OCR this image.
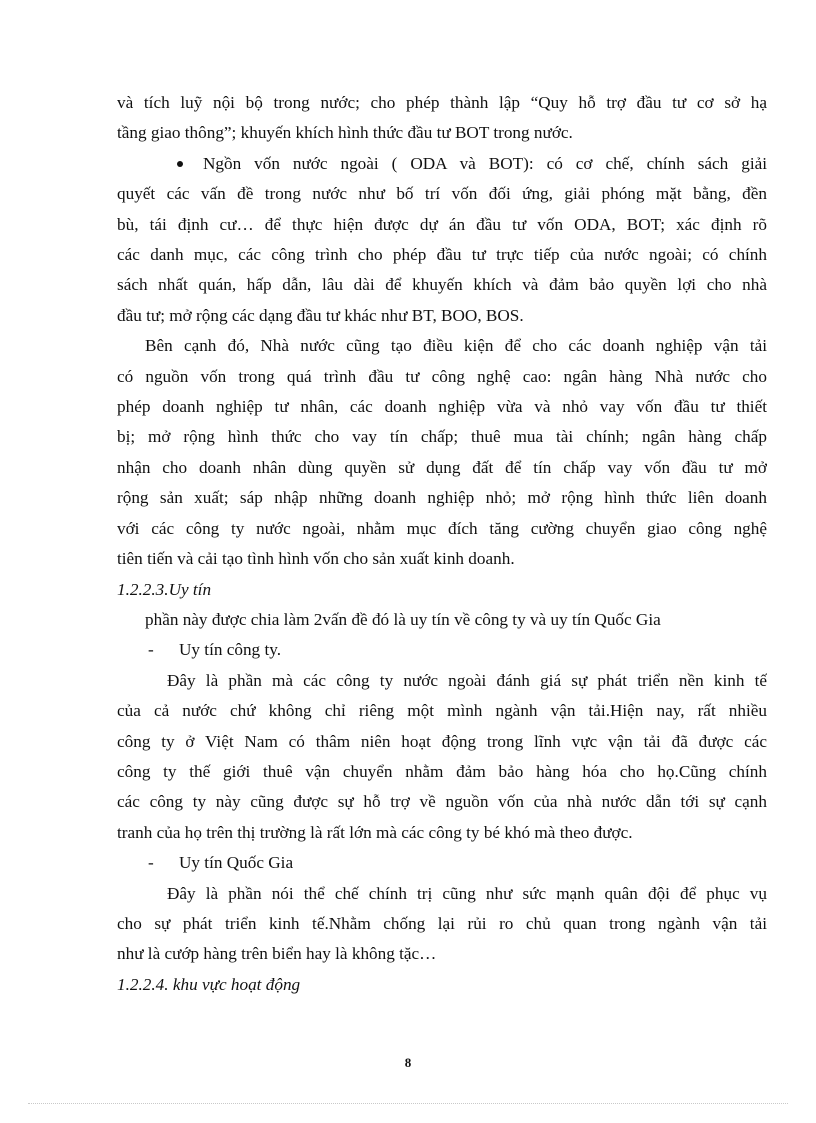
và tích luỹ nội bộ trong nước; cho phép thành lập “Quy hỗ trợ đầu tư cơ sở hạ

tầng giao thông”; khuyến khích hình thức đầu tư BOT trong nước.

Ngồn vốn nước ngoài ( ODA và BOT): có cơ chế, chính sách giải

quyết các vấn đề trong nước như bố trí vốn đối ứng, giải phóng mặt bằng, đền

bù, tái định cư… để thực hiện được dự án đầu tư vốn ODA, BOT; xác định rõ

các danh mục, các công trình cho phép đầu tư trực tiếp của nước ngoài; có chính

sách nhất quán, hấp dẫn, lâu dài để khuyến khích và đảm bảo quyền lợi cho nhà

đầu tư; mở rộng các dạng đầu tư khác như BT, BOO, BOS.

Bên cạnh đó, Nhà nước cũng tạo điều kiện để cho các doanh nghiệp vận tải

có nguồn vốn trong quá trình đầu tư công nghệ cao: ngân hàng Nhà nước cho

phép doanh nghiệp tư nhân, các doanh nghiệp vừa và nhỏ vay vốn đầu tư thiết

bị; mở rộng hình thức cho vay tín chấp; thuê mua tài chính; ngân hàng chấp

nhận cho doanh nhân dùng quyền sử dụng đất để tín chấp vay vốn đầu tư mở

rộng sản xuất; sáp nhập những doanh nghiệp nhỏ; mở rộng hình thức liên doanh

với các công ty nước ngoài, nhằm mục đích tăng cường chuyển giao công nghệ

tiên tiến và cải tạo tình hình vốn cho sản xuất kinh doanh.

1.2.2.3.Uy tín

phần này được chia làm 2vấn đề đó là uy tín về công ty và uy tín Quốc Gia

- Uy tín công ty.

Đây là phần mà các công ty nước ngoài đánh giá sự phát triển nền kinh tế

của cả nước chứ không chỉ riêng một mình ngành vận tải.Hiện nay, rất nhiều

công ty ở Việt Nam có thâm niên hoạt động trong lĩnh vực vận tải đã được các

công ty thế giới thuê vận chuyển nhằm đảm bảo hàng hóa cho họ.Cũng chính

các công ty này cũng được sự hỗ trợ về nguồn vốn của nhà nước dẫn tới sự cạnh

tranh của họ trên thị trường là rất lớn mà các công ty bé khó mà theo được.

- Uy tín Quốc Gia

Đây là phần nói thể chế chính trị cũng như sức mạnh quân đội để phục vụ

cho sự phát triển kinh tế.Nhằm chống lại rủi ro chủ quan trong ngành vận tải

như là cướp hàng trên biển hay là không tặc…

1.2.2.4. khu vực hoạt động

8
